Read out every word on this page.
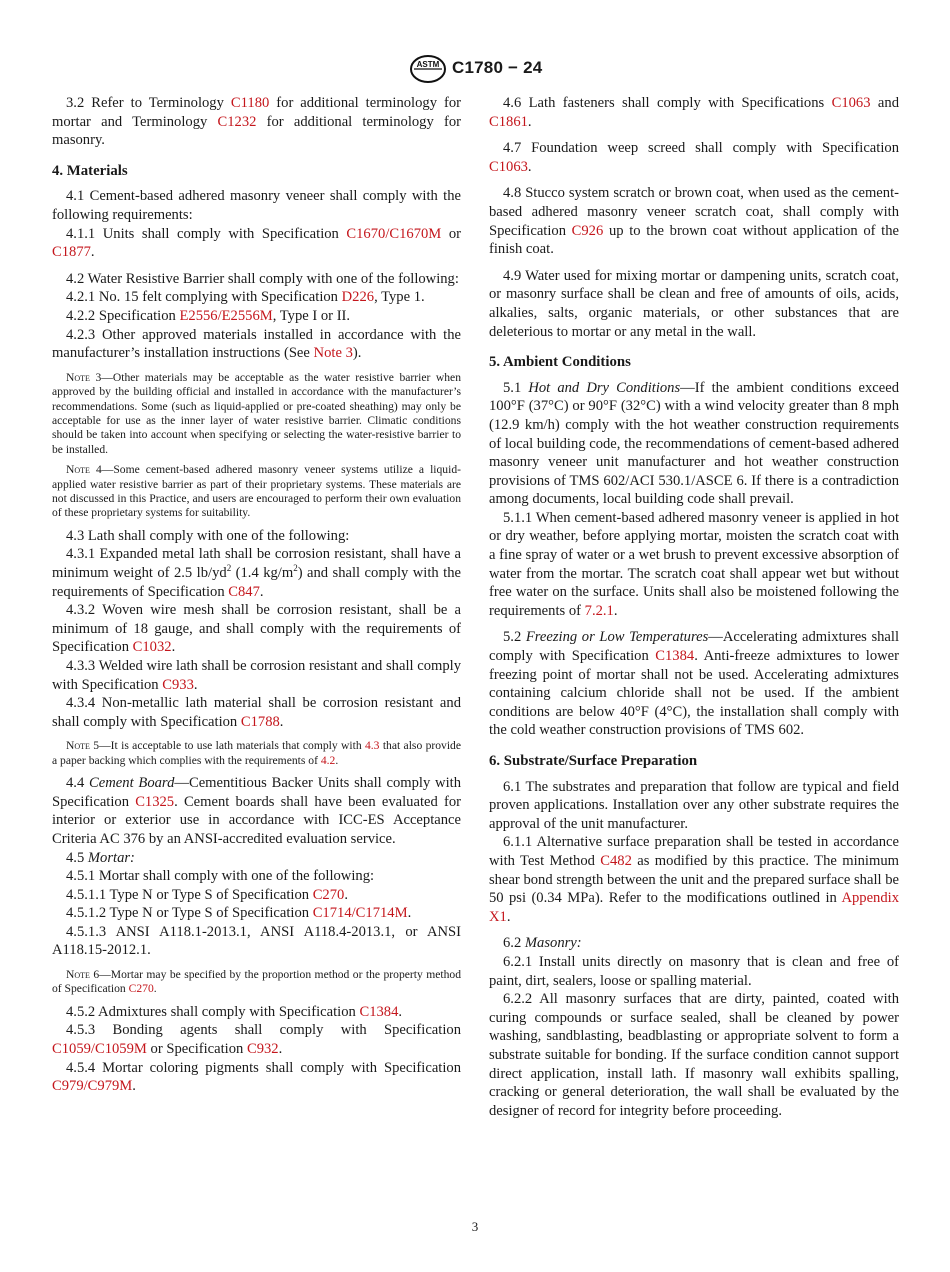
ASTM C1780 − 24

3.2 Refer to Terminology C1180 for additional terminology for mortar and Terminology C1232 for additional terminology for masonry.

4. Materials

4.1 Cement-based adhered masonry veneer shall comply with the following requirements:

4.1.1 Units shall comply with Specification C1670/C1670M or C1877.

4.2 Water Resistive Barrier shall comply with one of the following:

4.2.1 No. 15 felt complying with Specification D226, Type 1.

4.2.2 Specification E2556/E2556M, Type I or II.

4.2.3 Other approved materials installed in accordance with the manufacturer’s installation instructions (See Note 3).

Note 3—Other materials may be acceptable as the water resistive barrier when approved by the building official and installed in accordance with the manufacturer’s recommendations. Some (such as liquid-applied or pre-coated sheathing) may only be acceptable for use as the inner layer of water resistive barrier. Climatic conditions should be taken into account when specifying or selecting the water-resistive barrier to be installed.

Note 4—Some cement-based adhered masonry veneer systems utilize a liquid-applied water resistive barrier as part of their proprietary systems. These materials are not discussed in this Practice, and users are encouraged to perform their own evaluation of these proprietary systems for suitability.

4.3 Lath shall comply with one of the following:

4.3.1 Expanded metal lath shall be corrosion resistant, shall have a minimum weight of 2.5 $lb/yd^2$ (1.4 $kg/m^2$) and shall comply with the requirements of Specification C847.

4.3.2 Woven wire mesh shall be corrosion resistant, shall be a minimum of 18 gauge, and shall comply with the requirements of Specification C1032.

4.3.3 Welded wire lath shall be corrosion resistant and shall comply with Specification C933.

4.3.4 Non-metallic lath material shall be corrosion resistant and shall comply with Specification C1788.

Note 5—It is acceptable to use lath materials that comply with 4.3 that also provide a paper backing which complies with the requirements of 4.2.

4.4 Cement Board—Cementitious Backer Units shall comply with Specification C1325. Cement boards shall have been evaluated for interior or exterior use in accordance with ICC-ES Acceptance Criteria AC 376 by an ANSI-accredited evaluation service.

4.5 Mortar:

4.5.1 Mortar shall comply with one of the following:

4.5.1.1 Type N or Type S of Specification C270.

4.5.1.2 Type N or Type S of Specification C1714/C1714M.

4.5.1.3 ANSI A118.1-2013.1, ANSI A118.4-2013.1, or ANSI A118.15-2012.1.

Note 6—Mortar may be specified by the proportion method or the property method of Specification C270.

4.5.2 Admixtures shall comply with Specification C1384.

4.5.3 Bonding agents shall comply with Specification C1059/C1059M or Specification C932.

4.5.4 Mortar coloring pigments shall comply with Specification C979/C979M.

4.6 Lath fasteners shall comply with Specifications C1063 and C1861.

4.7 Foundation weep screed shall comply with Specification C1063.

4.8 Stucco system scratch or brown coat, when used as the cement-based adhered masonry veneer scratch coat, shall comply with Specification C926 up to the brown coat without application of the finish coat.

4.9 Water used for mixing mortar or dampening units, scratch coat, or masonry surface shall be clean and free of amounts of oils, acids, alkalies, salts, organic materials, or other substances that are deleterious to mortar or any metal in the wall.

5. Ambient Conditions

5.1 Hot and Dry Conditions—If the ambient conditions exceed 100°F (37°C) or 90°F (32°C) with a wind velocity greater than 8 mph (12.9 km/h) comply with the hot weather construction requirements of local building code, the recommendations of cement-based adhered masonry veneer unit manufacturer and hot weather construction provisions of TMS 602/ACI 530.1/ASCE 6. If there is a contradiction among documents, local building code shall prevail.

5.1.1 When cement-based adhered masonry veneer is applied in hot or dry weather, before applying mortar, moisten the scratch coat with a fine spray of water or a wet brush to prevent excessive absorption of water from the mortar. The scratch coat shall appear wet but without free water on the surface. Units shall also be moistened following the requirements of 7.2.1.

5.2 Freezing or Low Temperatures—Accelerating admixtures shall comply with Specification C1384. Anti-freeze admixtures to lower freezing point of mortar shall not be used. Accelerating admixtures containing calcium chloride shall not be used. If the ambient conditions are below 40°F (4°C), the installation shall comply with the cold weather construction provisions of TMS 602.

6. Substrate/Surface Preparation

6.1 The substrates and preparation that follow are typical and field proven applications. Installation over any other substrate requires the approval of the unit manufacturer.

6.1.1 Alternative surface preparation shall be tested in accordance with Test Method C482 as modified by this practice. The minimum shear bond strength between the unit and the prepared surface shall be 50 psi (0.34 MPa). Refer to the modifications outlined in Appendix X1.

6.2 Masonry:

6.2.1 Install units directly on masonry that is clean and free of paint, dirt, sealers, loose or spalling material.

6.2.2 All masonry surfaces that are dirty, painted, coated with curing compounds or surface sealed, shall be cleaned by power washing, sandblasting, beadblasting or appropriate solvent to form a substrate suitable for bonding. If the surface condition cannot support direct application, install lath. If masonry wall exhibits spalling, cracking or general deterioration, the wall shall be evaluated by the designer of record for integrity before proceeding.

3
